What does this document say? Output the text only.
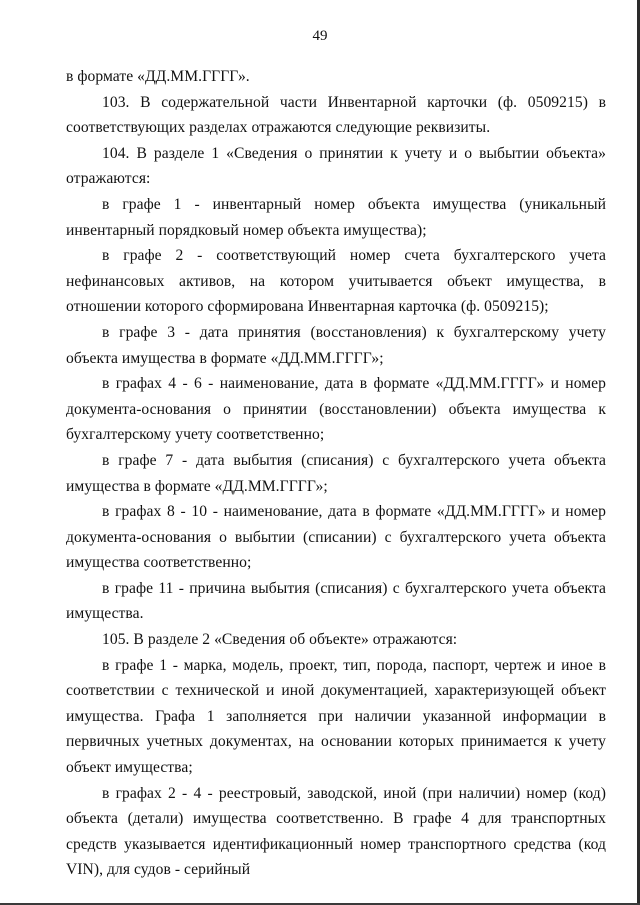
49

в формате «ДД.ММ.ГГГГ».

103. В содержательной части Инвентарной карточки (ф. 0509215) в соответствующих разделах отражаются следующие реквизиты.

104. В разделе 1 «Сведения о принятии к учету и о выбытии объекта» отражаются:

в графе 1 - инвентарный номер объекта имущества (уникальный инвентарный порядковый номер объекта имущества);

в графе 2 - соответствующий номер счета бухгалтерского учета нефинансовых активов, на котором учитывается объект имущества, в отношении которого сформирована Инвентарная карточка (ф. 0509215);

в графе 3 - дата принятия (восстановления) к бухгалтерскому учету объекта имущества в формате «ДД.ММ.ГГГГ»;

в графах 4 - 6 - наименование, дата в формате «ДД.ММ.ГГГГ» и номер документа-основания о принятии (восстановлении) объекта имущества к бухгалтерскому учету соответственно;

в графе 7 - дата выбытия (списания) с бухгалтерского учета объекта имущества в формате «ДД.ММ.ГГГГ»;

в графах 8 - 10 - наименование, дата в формате «ДД.ММ.ГГГГ» и номер документа-основания о выбытии (списании) с бухгалтерского учета объекта имущества соответственно;

в графе 11 - причина выбытия (списания) с бухгалтерского учета объекта имущества.

105. В разделе 2 «Сведения об объекте» отражаются:

в графе 1 - марка, модель, проект, тип, порода, паспорт, чертеж и иное в соответствии с технической и иной документацией, характеризующей объект имущества. Графа 1 заполняется при наличии указанной информации в первичных учетных документах, на основании которых принимается к учету объект имущества;

в графах 2 - 4 - реестровый, заводской, иной (при наличии) номер (код) объекта (детали) имущества соответственно. В графе 4 для транспортных средств указывается идентификационный номер транспортного средства (код VIN), для судов - серийный
